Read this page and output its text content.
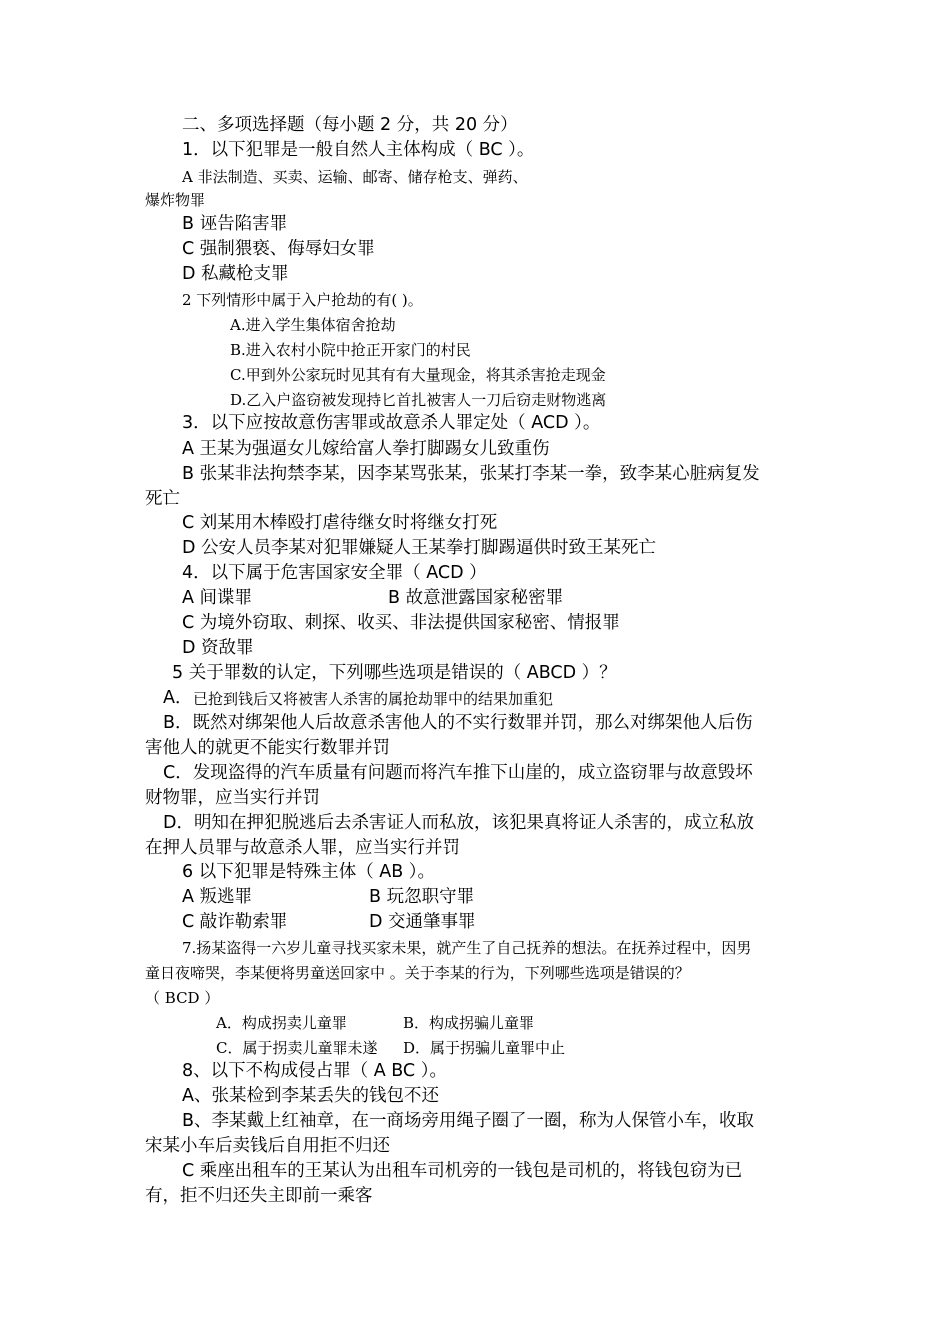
二、多项选择题（每小题 2 分，共 20 分）
1．以下犯罪是一般自然人主体构成（ BC ）。
A 非法制造、买卖、运输、邮寄、储存枪支、弹药、
爆炸物罪
B 诬告陷害罪
C 强制猥亵、侮辱妇女罪
D 私藏枪支罪
2 下列情形中属于入户抢劫的有( )。
A.进入学生集体宿舍抢劫
B.进入农村小院中抢正开家门的村民
C.甲到外公家玩时见其有有大量现金，将其杀害抢走现金
D.乙入户盗窃被发现持匕首扎被害人一刀后窃走财物逃离
3．以下应按故意伤害罪或故意杀人罪定处（ ACD ）。
A 王某为强逼女儿嫁给富人拳打脚踢女儿致重伤
B 张某非法拘禁李某，因李某骂张某，张某打李某一拳，致李某心脏病复发
死亡
C 刘某用木棒殴打虐待继女时将继女打死
D 公安人员李某对犯罪嫌疑人王某拳打脚踢逼供时致王某死亡
4．以下属于危害国家安全罪（ ACD ）
A 间谍罪	B 故意泄露国家秘密罪
C 为境外窃取、刺探、收买、非法提供国家秘密、情报罪
D 资敌罪
5 关于罪数的认定，下列哪些选项是错误的（ ABCD ）？
A． 已抢到钱后又将被害人杀害的属抢劫罪中的结果加重犯
B．既然对绑架他人后故意杀害他人的不实行数罪并罚，那么对绑架他人后伤
害他人的就更不能实行数罪并罚
C．发现盗得的汽车质量有问题而将汽车推下山崖的，成立盗窃罪与故意毁坏
财物罪，应当实行并罚
D．明知在押犯脱逃后去杀害证人而私放，该犯果真将证人杀害的，成立私放
在押人员罪与故意杀人罪，应当实行并罚
6 以下犯罪是特殊主体（ AB ）。
A 叛逃罪	B 玩忽职守罪
C 敲诈勒索罪	D 交通肇事罪
7.扬某盗得一六岁儿童寻找买家未果，就产生了自己抚养的想法。在抚养过程中，因男
童日夜啼哭，李某便将男童送回家中 。关于李某的行为，下列哪些选项是错误的？
（ BCD ）
A．构成拐卖儿童罪	B．构成拐骗儿童罪
C．属于拐卖儿童罪未遂 D．属于拐骗儿童罪中止
8、以下不构成侵占罪（ A BC ）。
A、张某检到李某丢失的钱包不还
B、李某戴上红袖章，在一商场旁用绳子圈了一圈，称为人保管小车，收取
宋某小车后卖钱后自用拒不归还
C 乘座出租车的王某认为出租车司机旁的一钱包是司机的，将钱包窃为已
有，拒不归还失主即前一乘客
